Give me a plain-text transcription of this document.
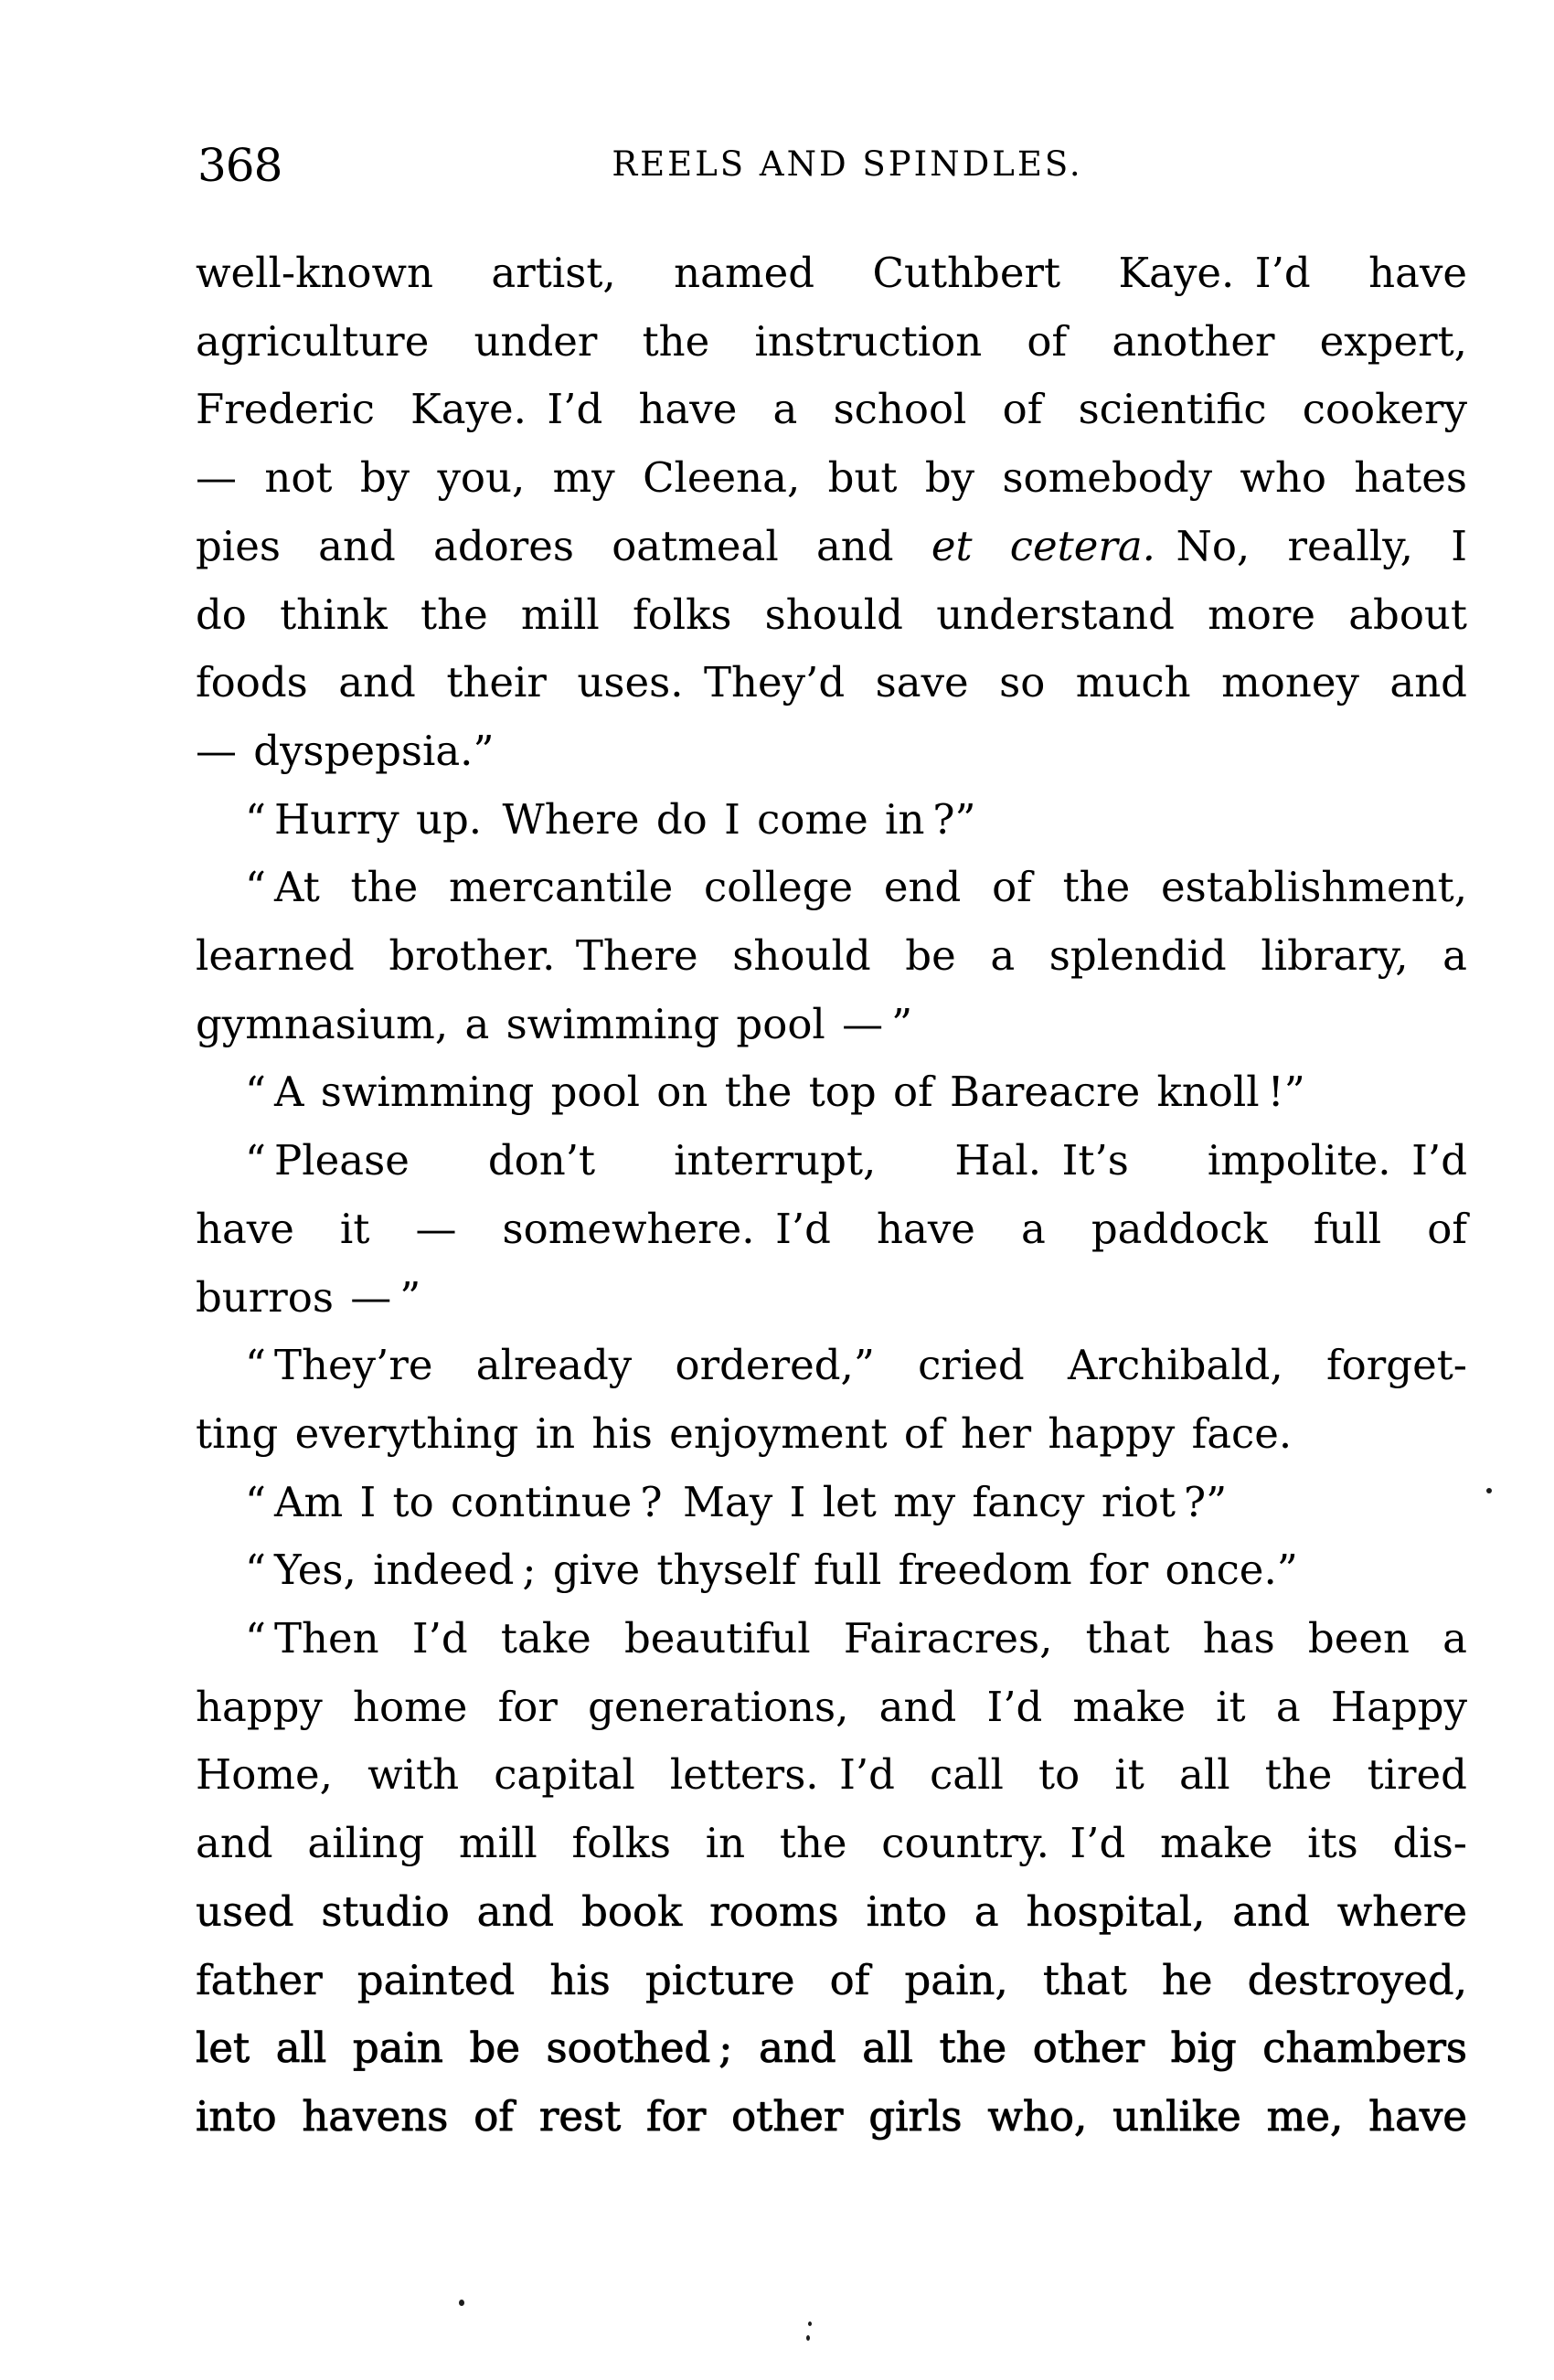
368	REELS AND SPINDLES.
well-known artist, named Cuthbert Kaye. I’d have
agriculture under the instruction of another expert,
Frederic Kaye. I’d have a school of scientific cookery
— not by you, my Cleena, but by somebody who hates
pies and adores oatmeal and et cetera. No, really, I
do think the mill folks should understand more about
foods and their uses. They’d save so much money and
— dyspepsia.”
“ Hurry up. Where do I come in ?”
“ At the mercantile college end of the establishment,
learned brother. There should be a splendid library, a
gymnasium, a swimming pool — ”
“ A swimming pool on the top of Bareacre knoll !”
“ Please don’t interrupt, Hal. It’s impolite. I’d
have it — somewhere. I’d have a paddock full of
burros — ”
“ They’re already ordered,” cried Archibald, forget-
ting everything in his enjoyment of her happy face.
“ Am I to continue ? May I let my fancy riot ?”
“ Yes, indeed ; give thyself full freedom for once.”
“ Then I’d take beautiful Fairacres, that has been a
happy home for generations, and I’d make it a Happy
Home, with capital letters. I’d call to it all the tired
and ailing mill folks in the country. I’d make its dis-
used studio and book rooms into a hospital, and where
father painted his picture of pain, that he destroyed,
let all pain be soothed ; and all the other big chambers
into havens of rest for other girls who, unlike me, have
